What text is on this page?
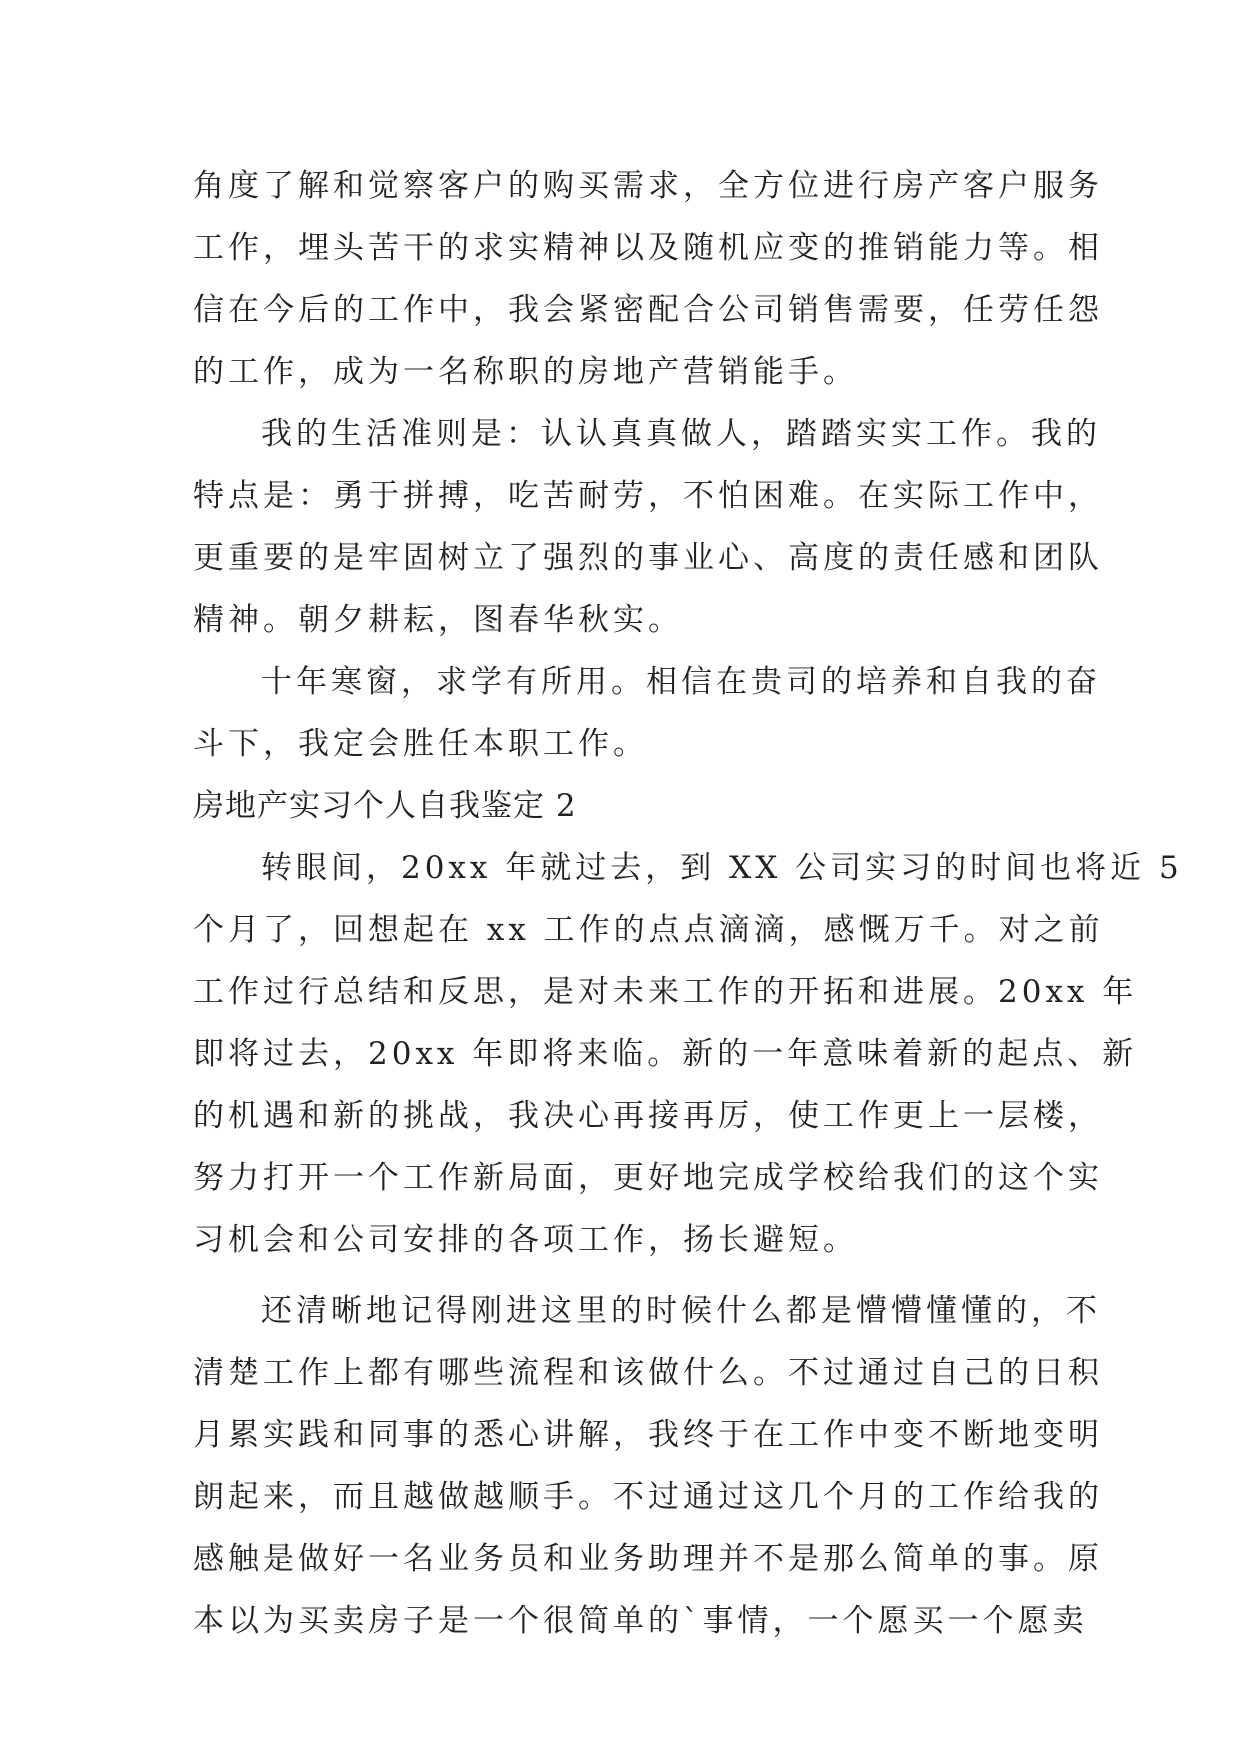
角度了解和觉察客户的购买需求，全方位进行房产客户服务
工作，埋头苦干的求实精神以及随机应变的推销能力等。相
信在今后的工作中，我会紧密配合公司销售需要，任劳任怨
的工作，成为一名称职的房地产营销能手。
我的生活准则是：认认真真做人，踏踏实实工作。我的
特点是：勇于拼搏，吃苦耐劳，不怕困难。在实际工作中，
更重要的是牢固树立了强烈的事业心、高度的责任感和团队
精神。朝夕耕耘，图春华秋实。
十年寒窗，求学有所用。相信在贵司的培养和自我的奋
斗下，我定会胜任本职工作。
房地产实习个人自我鉴定 2
转眼间，20xx 年就过去，到 XX 公司实习的时间也将近 5
个月了，回想起在 xx 工作的点点滴滴，感慨万千。对之前
工作过行总结和反思，是对未来工作的开拓和进展。20xx 年
即将过去，20xx 年即将来临。新的一年意味着新的起点、新
的机遇和新的挑战，我决心再接再厉，使工作更上一层楼，
努力打开一个工作新局面，更好地完成学校给我们的这个实
习机会和公司安排的各项工作，扬长避短。
还清晰地记得刚进这里的时候什么都是懵懵懂懂的，不
清楚工作上都有哪些流程和该做什么。不过通过自己的日积
月累实践和同事的悉心讲解，我终于在工作中变不断地变明
朗起来，而且越做越顺手。不过通过这几个月的工作给我的
感触是做好一名业务员和业务助理并不是那么简单的事。原
本以为买卖房子是一个很简单的`事情，一个愿买一个愿卖
